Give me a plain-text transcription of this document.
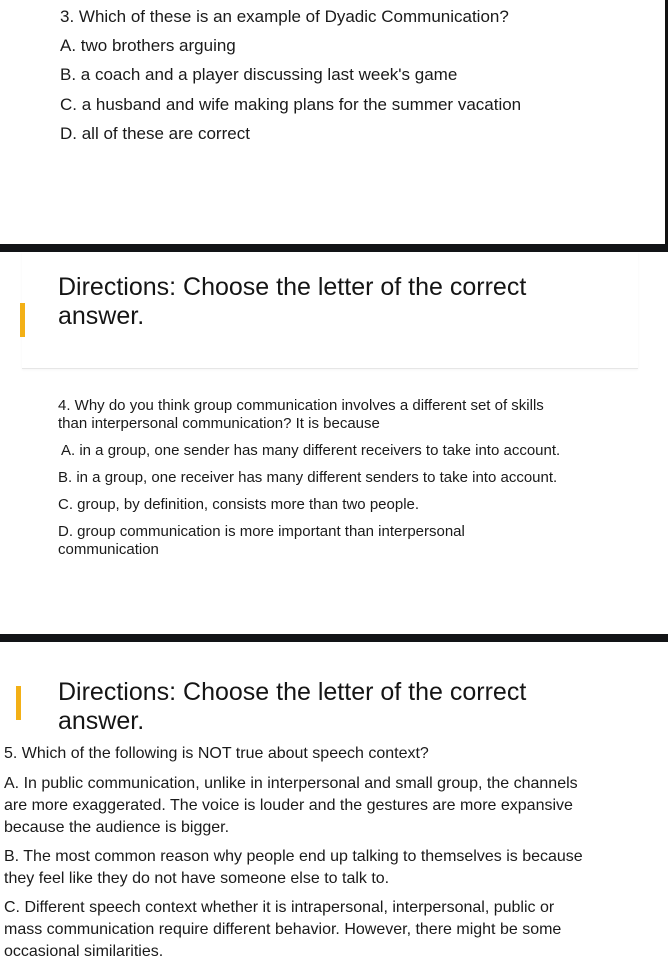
3. Which of these is an example of Dyadic Communication?
A. two brothers arguing
B. a coach and a player discussing last week's game
C. a husband and wife making plans for the summer vacation
D. all of these are correct
Directions: Choose the letter of the correct
answer.
4. Why do you think group communication involves a different set of skills
than interpersonal communication? It is because
A. in a group, one sender has many different receivers to take into account.
B. in a group, one receiver has many different senders to take into account.
C. group, by definition, consists more than two people.
D. group communication is more important than interpersonal
communication
Directions: Choose the letter of the correct
answer.
5. Which of the following is NOT true about speech context?
A. In public communication, unlike in interpersonal and small group, the channels
are more exaggerated. The voice is louder and the gestures are more expansive
because the audience is bigger.
B. The most common reason why people end up talking to themselves is because
they feel like they do not have someone else to talk to.
C. Different speech context whether it is intrapersonal, interpersonal, public or
mass communication require different behavior. However, there might be some
occasional similarities.
